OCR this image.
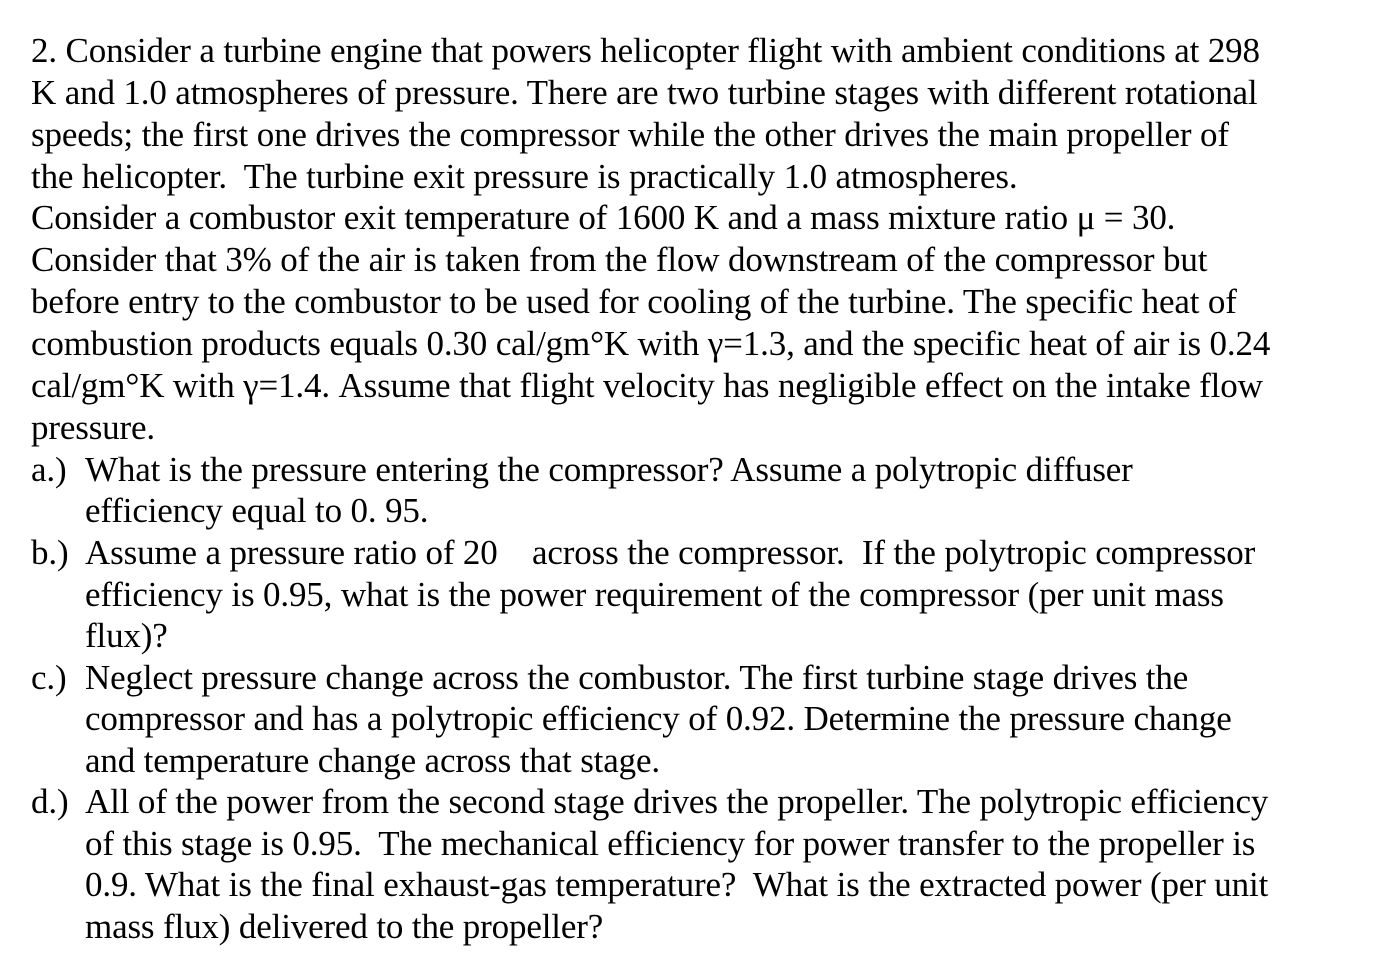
2. Consider a turbine engine that powers helicopter flight with ambient conditions at 298
K and 1.0 atmospheres of pressure. There are two turbine stages with different rotational
speeds; the first one drives the compressor while the other drives the main propeller of
the helicopter.  The turbine exit pressure is practically 1.0 atmospheres.
Consider a combustor exit temperature of 1600 K and a mass mixture ratio μ = 30.
Consider that 3% of the air is taken from the flow downstream of the compressor but
before entry to the combustor to be used for cooling of the turbine. The specific heat of
combustion products equals 0.30 cal/gm°K with γ=1.3, and the specific heat of air is 0.24
cal/gm°K with γ=1.4. Assume that flight velocity has negligible effect on the intake flow
pressure.
a.) What is the pressure entering the compressor? Assume a polytropic diffuser
efficiency equal to 0. 95.
b.) Assume a pressure ratio of 20    across the compressor.  If the polytropic compressor
efficiency is 0.95, what is the power requirement of the compressor (per unit mass
flux)?
c.) Neglect pressure change across the combustor. The first turbine stage drives the
compressor and has a polytropic efficiency of 0.92. Determine the pressure change
and temperature change across that stage.
d.) All of the power from the second stage drives the propeller. The polytropic efficiency
of this stage is 0.95.  The mechanical efficiency for power transfer to the propeller is
0.9. What is the final exhaust-gas temperature?  What is the extracted power (per unit
mass flux) delivered to the propeller?
